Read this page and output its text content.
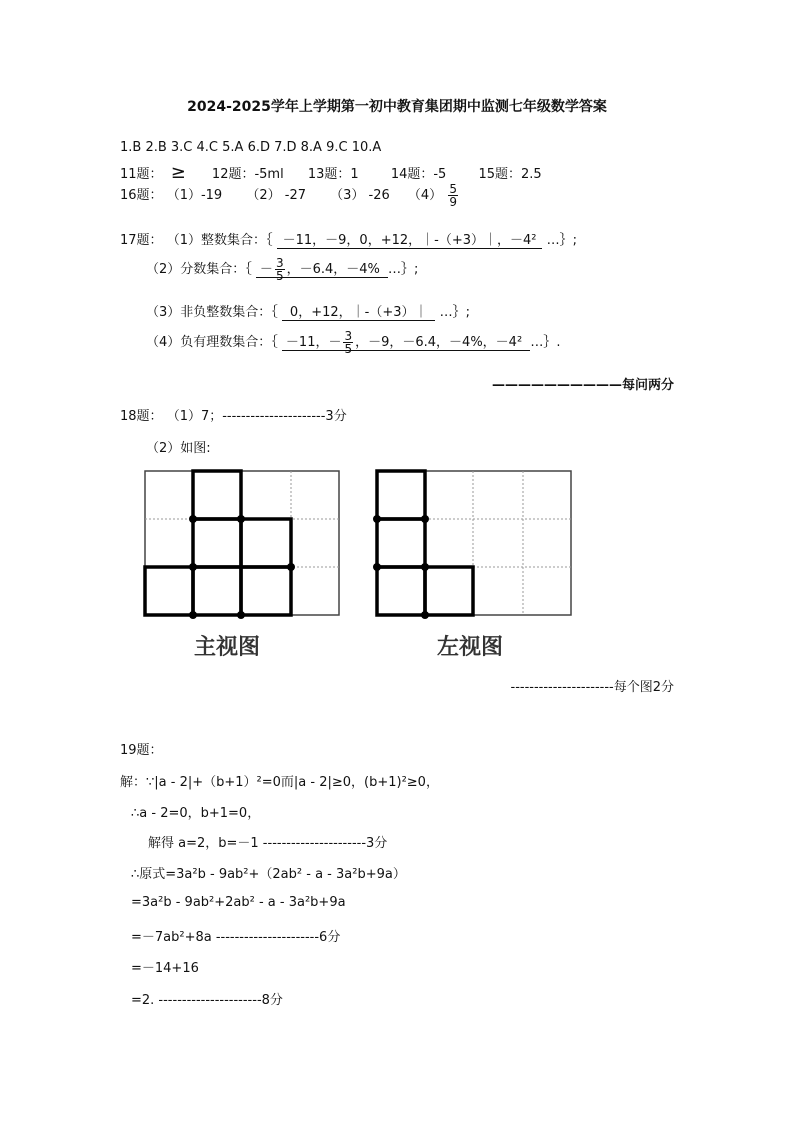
2024-2025学年上学期第一初中教育集团期中监测七年级数学答案
1.B 2.B 3.C 4.C 5.A 6.D 7.D 8.A 9.C 10.A
11题： ≥ 12题：-5ml 13题：1 14题：-5 15题：2.5
16题： （1）-19 （2） -27 （3） -26 $(4) \frac{5}{9}$
17题： （1）整数集合：｛ －11，－9，0，+12，｜-（+3）｜，－4² …｝;
（2）分数集合：｛ － $\frac{3}{5}$ ，－6.4，－4% …｝;
（3）非负整数集合：｛ 0，+12，｜-（+3）｜ …｝;
（4）负有理数集合：｛ －11，－ $\frac{3}{5}$ ，－9，－6.4，－4%，－4² …｝.
——————————每问两分
18题： （1）7；----------------------3分
（2）如图:
主视图	左视图
----------------------每个图2分
19题：
解：∵|a - 2|+（b+1）²=0而|a - 2|≥0，(b+1)²≥0，
∴a - 2=0，b+1=0，
解得 a=2，b=－1 ----------------------3分
∴原式=3a²b - 9ab²+（2ab² - a - 3a²b+9a）
=3a²b - 9ab²+2ab² - a - 3a²b+9a
=－7ab²+8a ----------------------6分
=－14+16
=2. ----------------------8分
